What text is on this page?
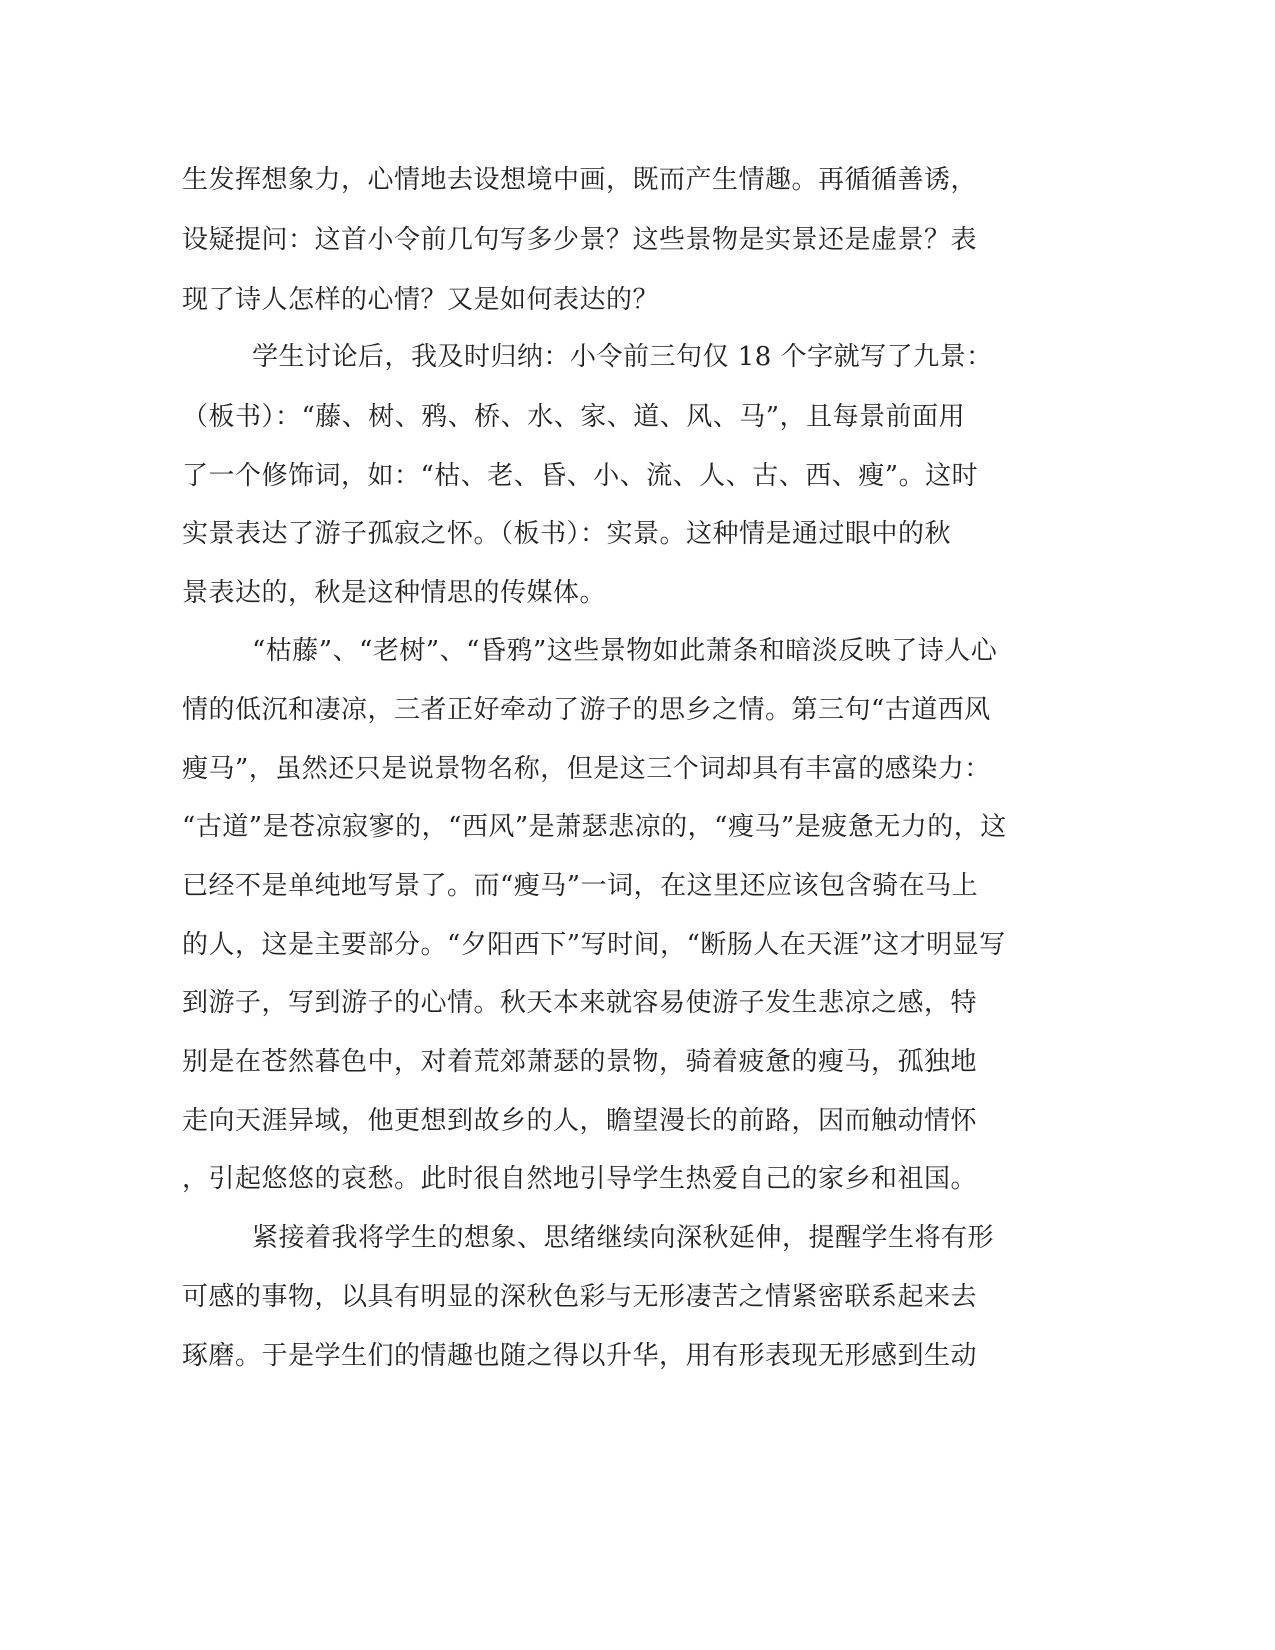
生发挥想象力，心情地去设想境中画，既而产生情趣。再循循善诱，
设疑提问：这首小令前几句写多少景？这些景物是实景还是虚景？表
现了诗人怎样的心情？又是如何表达的？
学生讨论后，我及时归纳：小令前三句仅 18 个字就写了九景：
（板书）：“藤、树、鸦、桥、水、家、道、风、马”，且每景前面用
了一个修饰词，如：“枯、老、昏、小、流、人、古、西、瘦”。这时
实景表达了游子孤寂之怀。（板书）：实景。这种情是通过眼中的秋
景表达的，秋是这种情思的传媒体。
“枯藤”、“老树”、“昏鸦”这些景物如此萧条和暗淡反映了诗人心
情的低沉和凄凉，三者正好牵动了游子的思乡之情。第三句“古道西风
瘦马”，虽然还只是说景物名称，但是这三个词却具有丰富的感染力：
“古道”是苍凉寂寥的，“西风”是萧瑟悲凉的，“瘦马”是疲惫无力的，这
已经不是单纯地写景了。而“瘦马”一词，在这里还应该包含骑在马上
的人，这是主要部分。“夕阳西下”写时间，“断肠人在天涯”这才明显写
到游子，写到游子的心情。秋天本来就容易使游子发生悲凉之感，特
别是在苍然暮色中，对着荒郊萧瑟的景物，骑着疲惫的瘦马，孤独地
走向天涯异域，他更想到故乡的人，瞻望漫长的前路，因而触动情怀
，引起悠悠的哀愁。此时很自然地引导学生热爱自己的家乡和祖国。
紧接着我将学生的想象、思绪继续向深秋延伸，提醒学生将有形
可感的事物，以具有明显的深秋色彩与无形凄苦之情紧密联系起来去
琢磨。于是学生们的情趣也随之得以升华，用有形表现无形感到生动
